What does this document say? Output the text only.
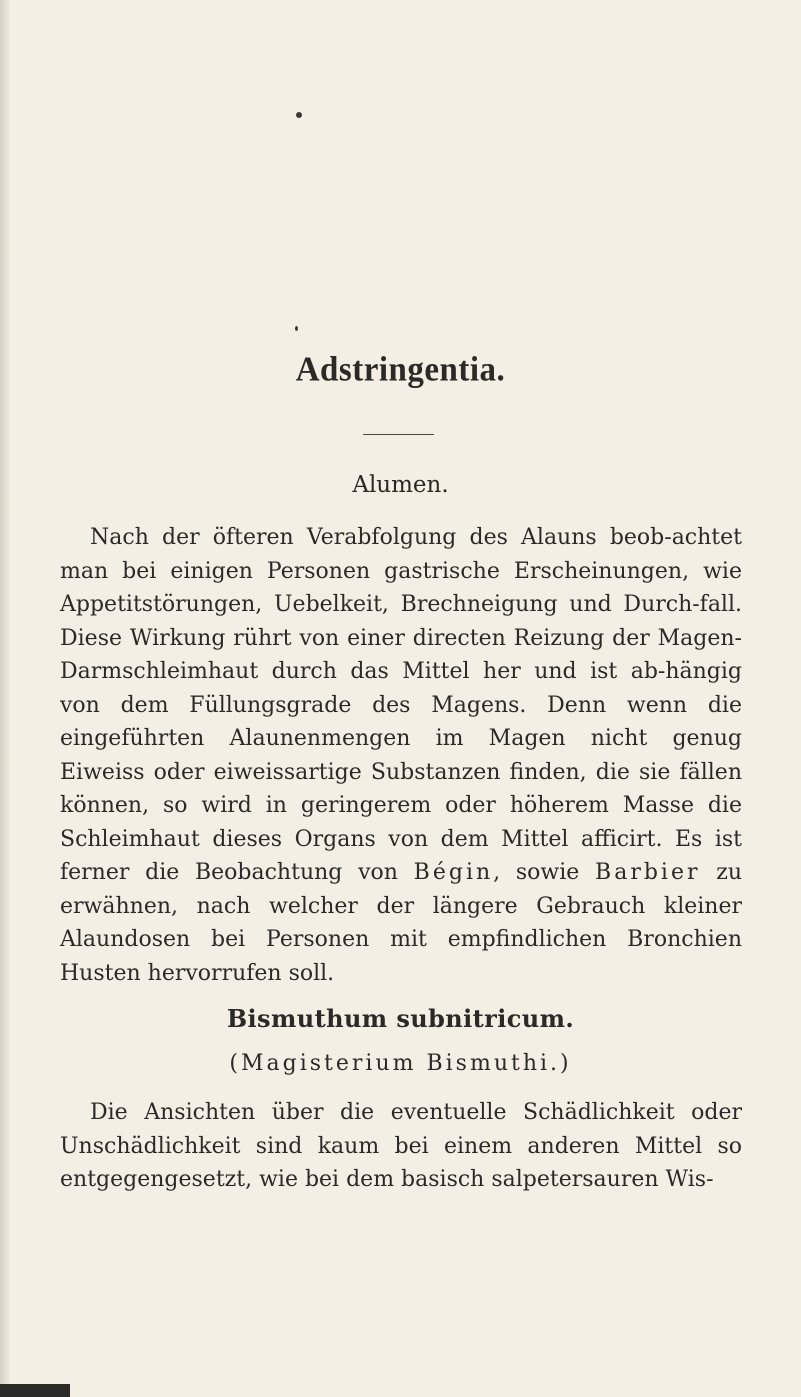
Adstringentia.
Alumen.

Nach der öfteren Verabfolgung des Alauns beob-achtet man bei einigen Personen gastrische Erscheinungen, wie Appetitstörungen, Uebelkeit, Brechneigung und Durch-fall. Diese Wirkung rührt von einer directen Reizung der Magen-Darmschleimhaut durch das Mittel her und ist ab-hängig von dem Füllungsgrade des Magens. Denn wenn die eingeführten Alaunenmengen im Magen nicht genug Eiweiss oder eiweissartige Substanzen finden, die sie fällen können, so wird in geringerem oder höherem Masse die Schleimhaut dieses Organs von dem Mittel afficirt. Es ist ferner die Beobachtung von Bégin, sowie Barbier zu erwähnen, nach welcher der längere Gebrauch kleiner Alaundosen bei Personen mit empfindlichen Bronchien Husten hervorrufen soll.

Bismuthum subnitricum.
(Magisterium Bismuthi.)

Die Ansichten über die eventuelle Schädlichkeit oder Unschädlichkeit sind kaum bei einem anderen Mittel so entgegengesetzt, wie bei dem basisch salpetersauren Wis-
